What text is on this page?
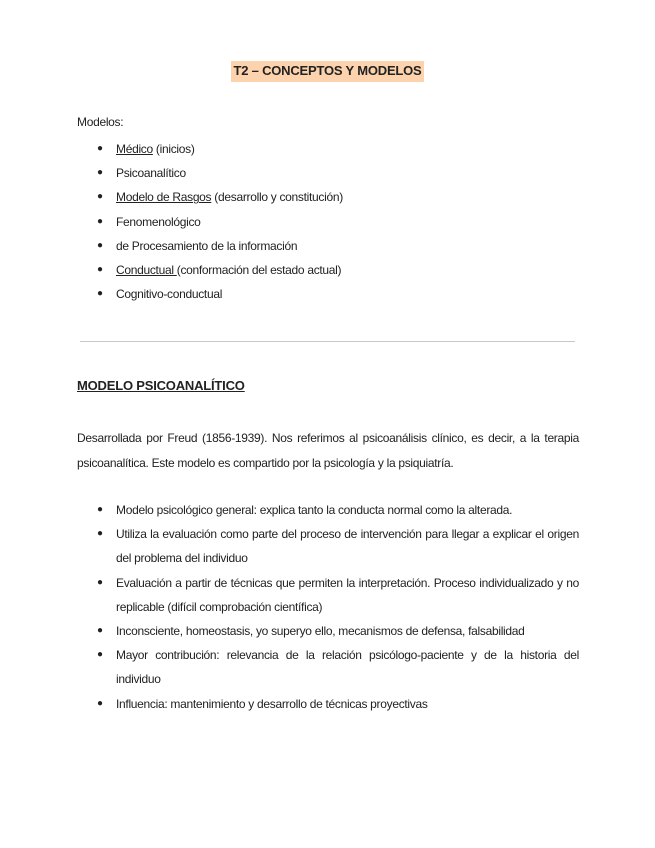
T2 – CONCEPTOS Y MODELOS
Modelos:
● Médico (inicios)
● Psicoanalítico
● Modelo de Rasgos (desarrollo y constitución)
● Fenomenológico
● de Procesamiento de la información
● Conductual (conformación del estado actual)
● Cognitivo-conductual
MODELO PSICOANALÍTICO
Desarrollada por Freud (1856-1939). Nos referimos al psicoanálisis clínico, es decir, a la terapia psicoanalítica. Este modelo es compartido por la psicología y la psiquiatría.
● Modelo psicológico general: explica tanto la conducta normal como la alterada.
● Utiliza la evaluación como parte del proceso de intervención para llegar a explicar el origen del problema del individuo
● Evaluación a partir de técnicas que permiten la interpretación. Proceso individualizado y no replicable (difícil comprobación científica)
● Inconsciente, homeostasis, yo superyo ello, mecanismos de defensa, falsabilidad
● Mayor contribución: relevancia de la relación psicólogo-paciente y de la historia del individuo
● Influencia: mantenimiento y desarrollo de técnicas proyectivas
